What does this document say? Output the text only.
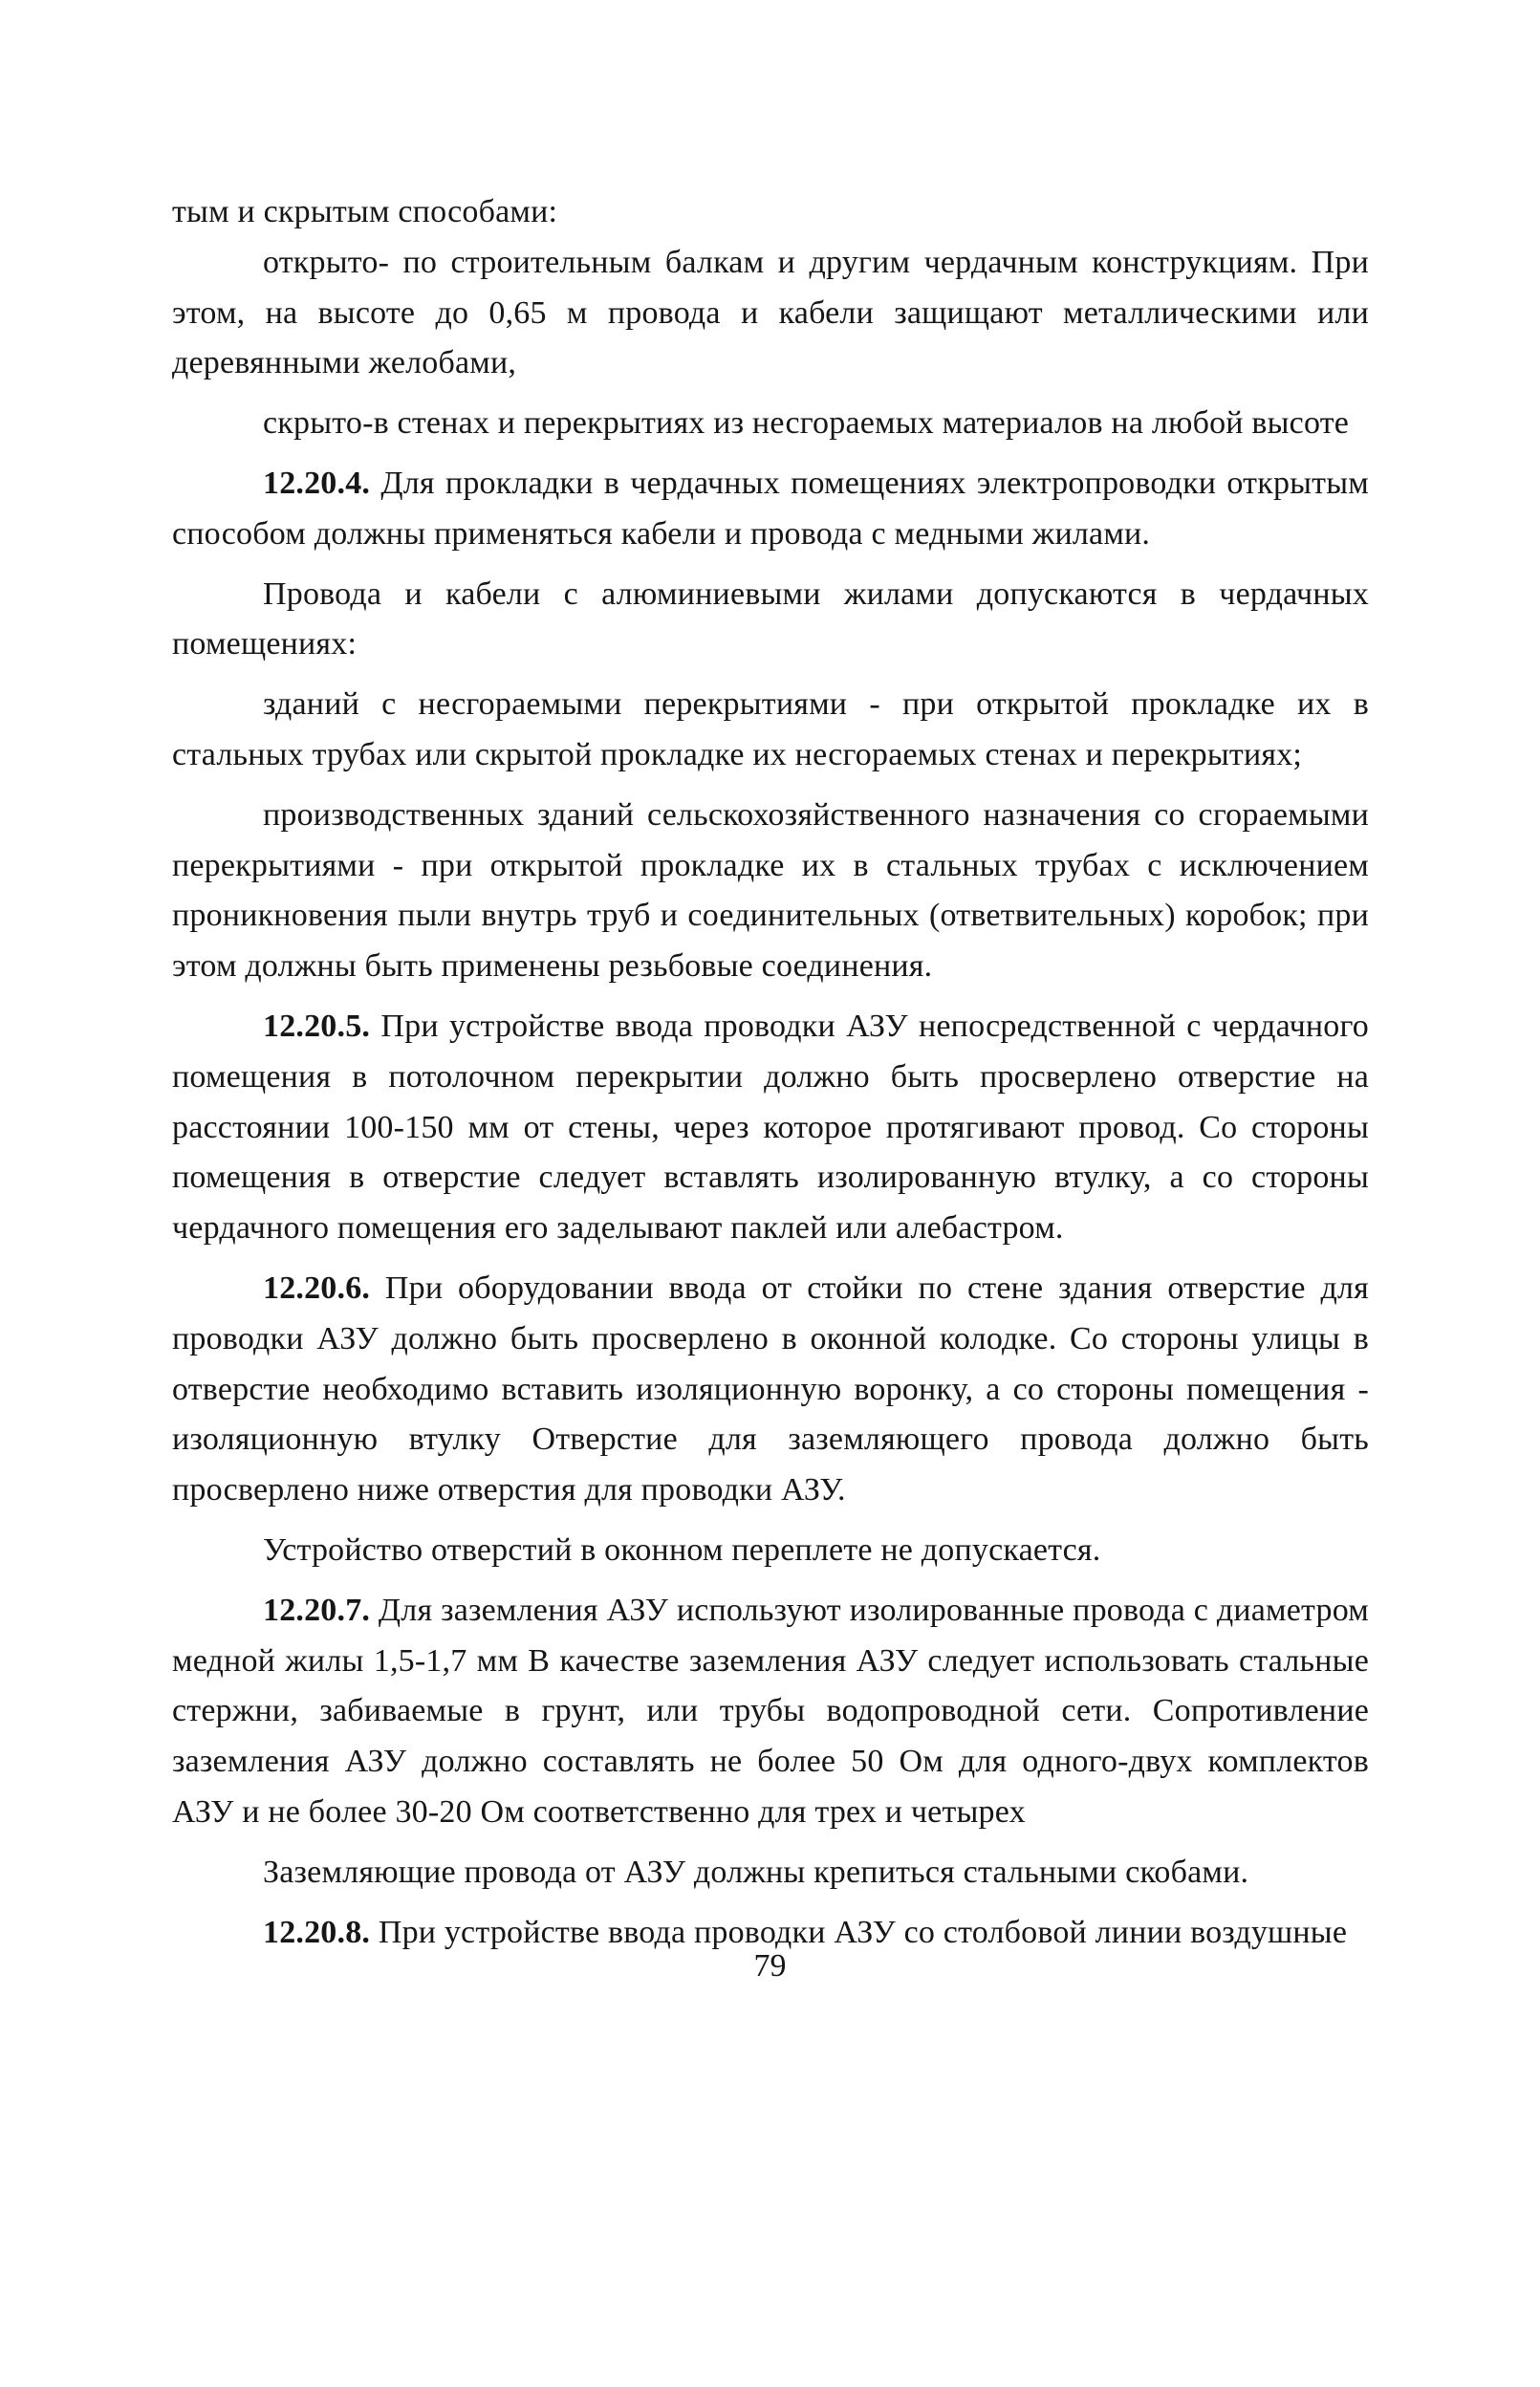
тым и скрытым способами:

открыто- по строительным балкам и другим чердачным конструкциям. При этом, на высоте до 0,65 м провода и кабели защищают металлическими или деревянными желобами,

скрыто-в стенах и перекрытиях из несгораемых материалов на любой высоте

12.20.4. Для прокладки в чердачных помещениях электропроводки открытым способом должны применяться кабели и провода с медными жилами.

Провода и кабели с алюминиевыми жилами допускаются в чердачных помещениях:

зданий с несгораемыми перекрытиями - при открытой прокладке их в стальных трубах или скрытой прокладке их несгораемых стенах и перекрытиях;

производственных зданий сельскохозяйственного назначения со сгораемыми перекрытиями - при открытой прокладке их в стальных трубах с исключением проникновения пыли внутрь труб и соединительных (ответвительных) коробок; при этом должны быть применены резьбовые соединения.

12.20.5. При устройстве ввода проводки АЗУ непосредственной с чердачного помещения в потолочном перекрытии должно быть просверлено отверстие на расстоянии 100-150 мм от стены, через которое протягивают провод. Со стороны помещения в отверстие следует вставлять изолированную втулку, а со стороны чердачного помещения его заделывают паклей или алебастром.

12.20.6. При оборудовании ввода от стойки по стене здания отверстие для проводки АЗУ должно быть просверлено в оконной колодке. Со стороны улицы в отверстие необходимо вставить изоляционную воронку, а со стороны помещения - изоляционную втулку Отверстие для заземляющего провода должно быть просверлено ниже отверстия для проводки АЗУ.

Устройство отверстий в оконном переплете не допускается.

12.20.7. Для заземления АЗУ используют изолированные провода с диаметром медной жилы 1,5-1,7 мм В качестве заземления АЗУ следует использовать стальные стержни, забиваемые в грунт, или трубы водопроводной сети. Сопротивление заземления АЗУ должно составлять не более 50 Ом для одного-двух комплектов АЗУ и не более 30-20 Ом соответственно для трех и четырех

Заземляющие провода от АЗУ должны крепиться стальными скобами.

12.20.8. При устройстве ввода проводки АЗУ со столбовой линии воздушные

79
